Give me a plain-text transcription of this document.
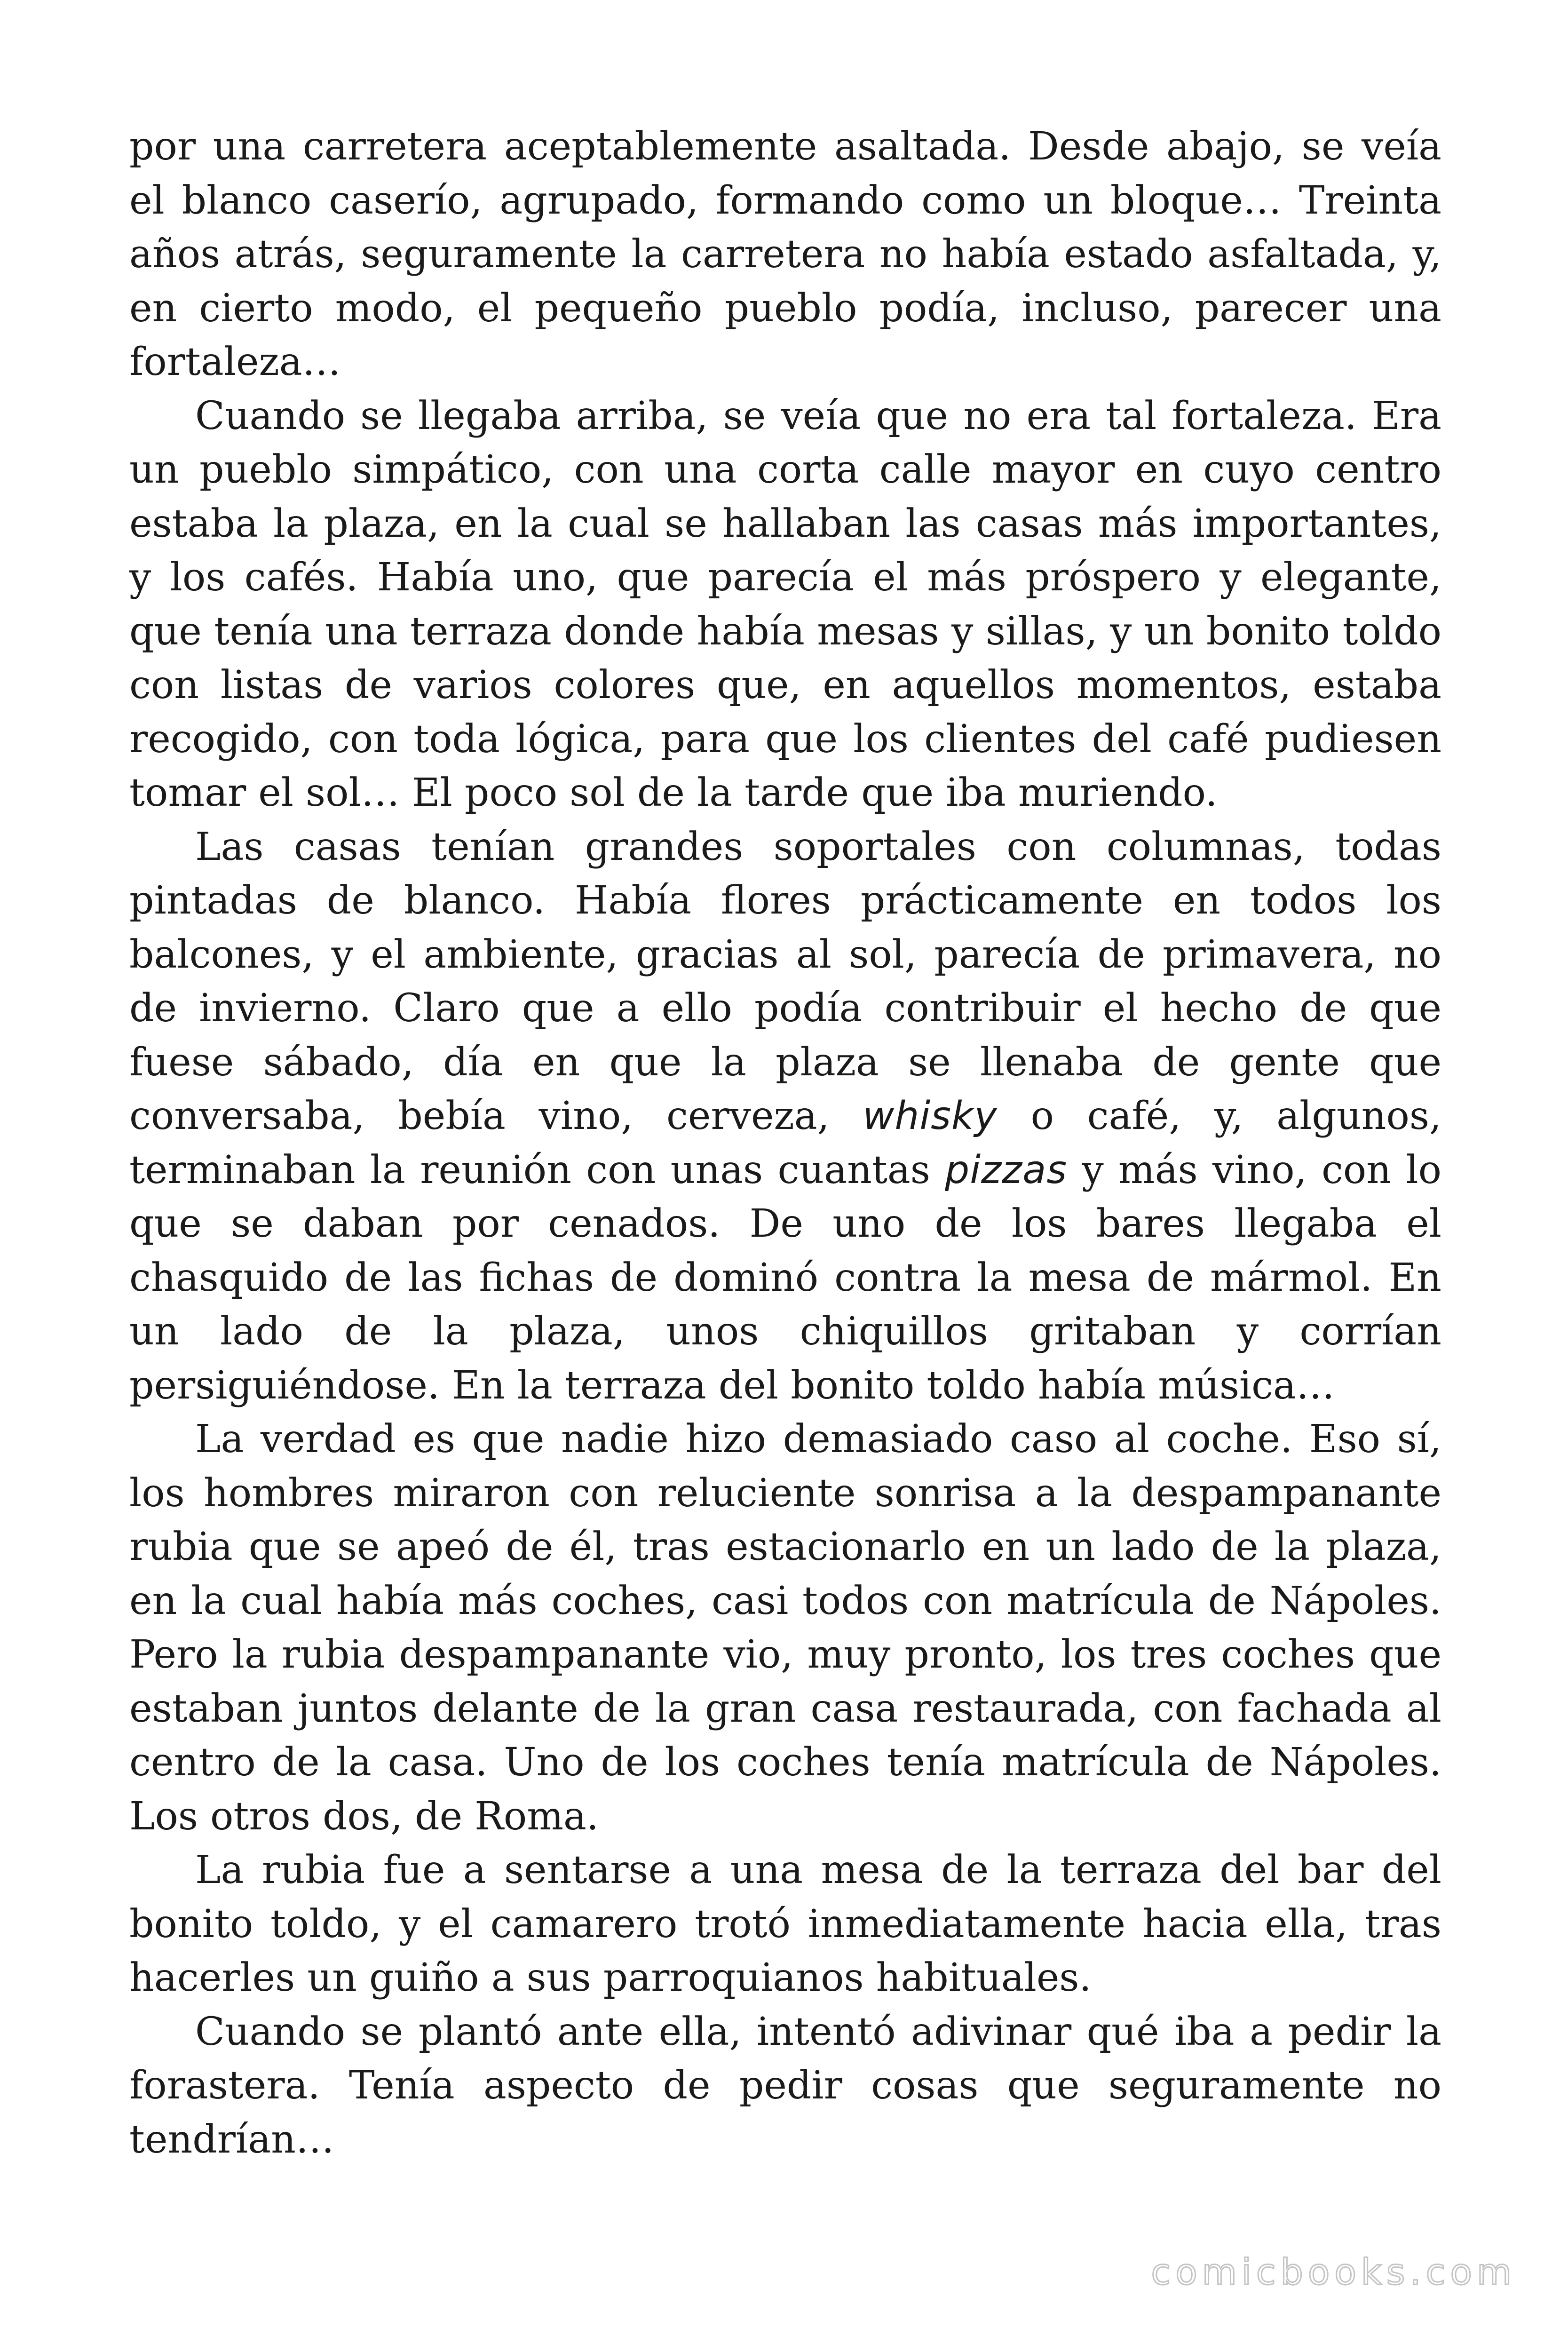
por una carretera aceptablemente asaltada. Desde abajo, se veía el blanco caserío, agrupado, formando como un bloque… Treinta años atrás, seguramente la carretera no había estado asfaltada, y, en cierto modo, el pequeño pueblo podía, incluso, parecer una fortaleza…

Cuando se llegaba arriba, se veía que no era tal fortaleza. Era un pueblo simpático, con una corta calle mayor en cuyo centro estaba la plaza, en la cual se hallaban las casas más importantes, y los cafés. Había uno, que parecía el más próspero y elegante, que tenía una terraza donde había mesas y sillas, y un bonito toldo con listas de varios colores que, en aquellos momentos, estaba recogido, con toda lógica, para que los clientes del café pudiesen tomar el sol… El poco sol de la tarde que iba muriendo.

Las casas tenían grandes soportales con columnas, todas pintadas de blanco. Había flores prácticamente en todos los balcones, y el ambiente, gracias al sol, parecía de primavera, no de invierno. Claro que a ello podía contribuir el hecho de que fuese sábado, día en que la plaza se llenaba de gente que conversaba, bebía vino, cerveza, whisky o café, y, algunos, terminaban la reunión con unas cuantas pizzas y más vino, con lo que se daban por cenados. De uno de los bares llegaba el chasquido de las fichas de dominó contra la mesa de mármol. En un lado de la plaza, unos chiquillos gritaban y corrían persiguiéndose. En la terraza del bonito toldo había música…

La verdad es que nadie hizo demasiado caso al coche. Eso sí, los hombres miraron con reluciente sonrisa a la despampanante rubia que se apeó de él, tras estacionarlo en un lado de la plaza, en la cual había más coches, casi todos con matrícula de Nápoles. Pero la rubia despampanante vio, muy pronto, los tres coches que estaban juntos delante de la gran casa restaurada, con fachada al centro de la casa. Uno de los coches tenía matrícula de Nápoles. Los otros dos, de Roma.

La rubia fue a sentarse a una mesa de la terraza del bar del bonito toldo, y el camarero trotó inmediatamente hacia ella, tras hacerles un guiño a sus parroquianos habituales.

Cuando se plantó ante ella, intentó adivinar qué iba a pedir la forastera. Tenía aspecto de pedir cosas que seguramente no tendrían…

comicbooks.com
